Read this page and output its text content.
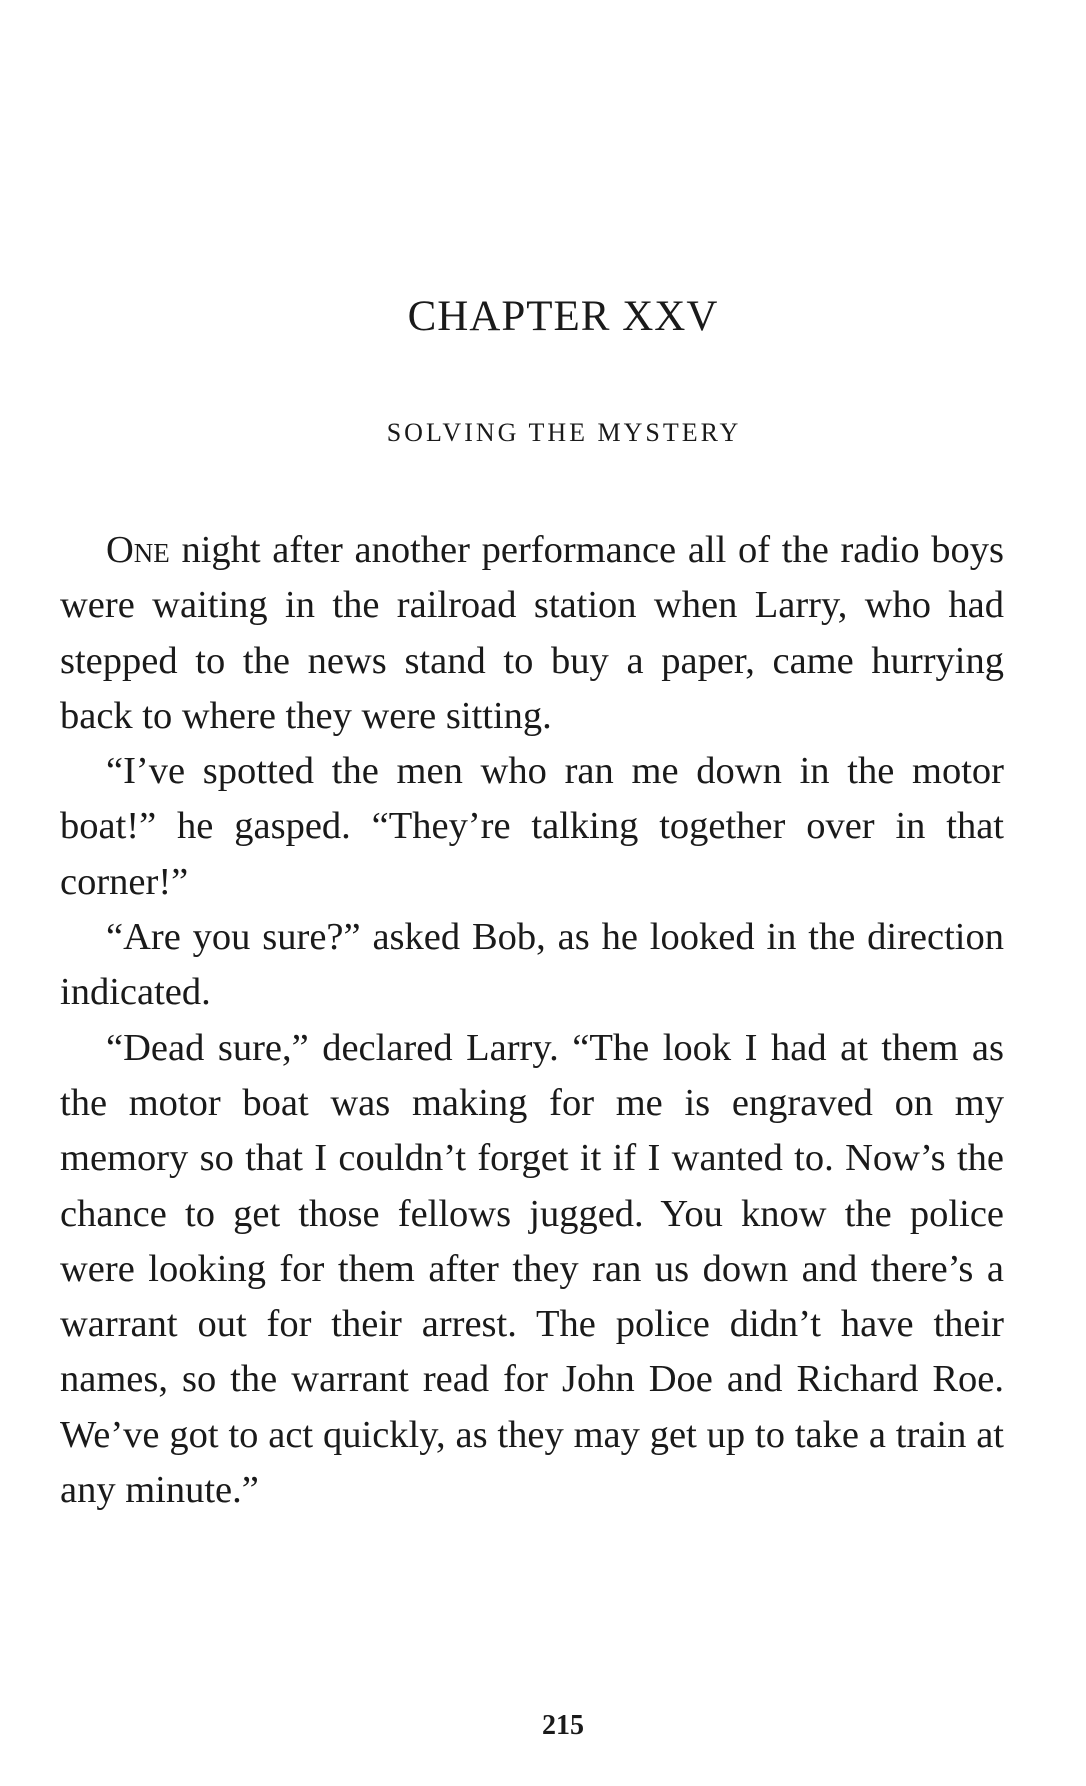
CHAPTER XXV
SOLVING THE MYSTERY

One night after another performance all of the radio boys were waiting in the railroad station when Larry, who had stepped to the news stand to buy a paper, came hurrying back to where they were sitting.

“I’ve spotted the men who ran me down in the motor boat!” he gasped. “They’re talking together over in that corner!”

“Are you sure?” asked Bob, as he looked in the direction indicated.

“Dead sure,” declared Larry. “The look I had at them as the motor boat was making for me is engraved on my memory so that I couldn’t forget it if I wanted to. Now’s the chance to get those fellows jugged. You know the police were looking for them after they ran us down and there’s a warrant out for their arrest. The police didn’t have their names, so the warrant read for John Doe and Richard Roe. We’ve got to act quickly, as they may get up to take a train at any minute.”

215
